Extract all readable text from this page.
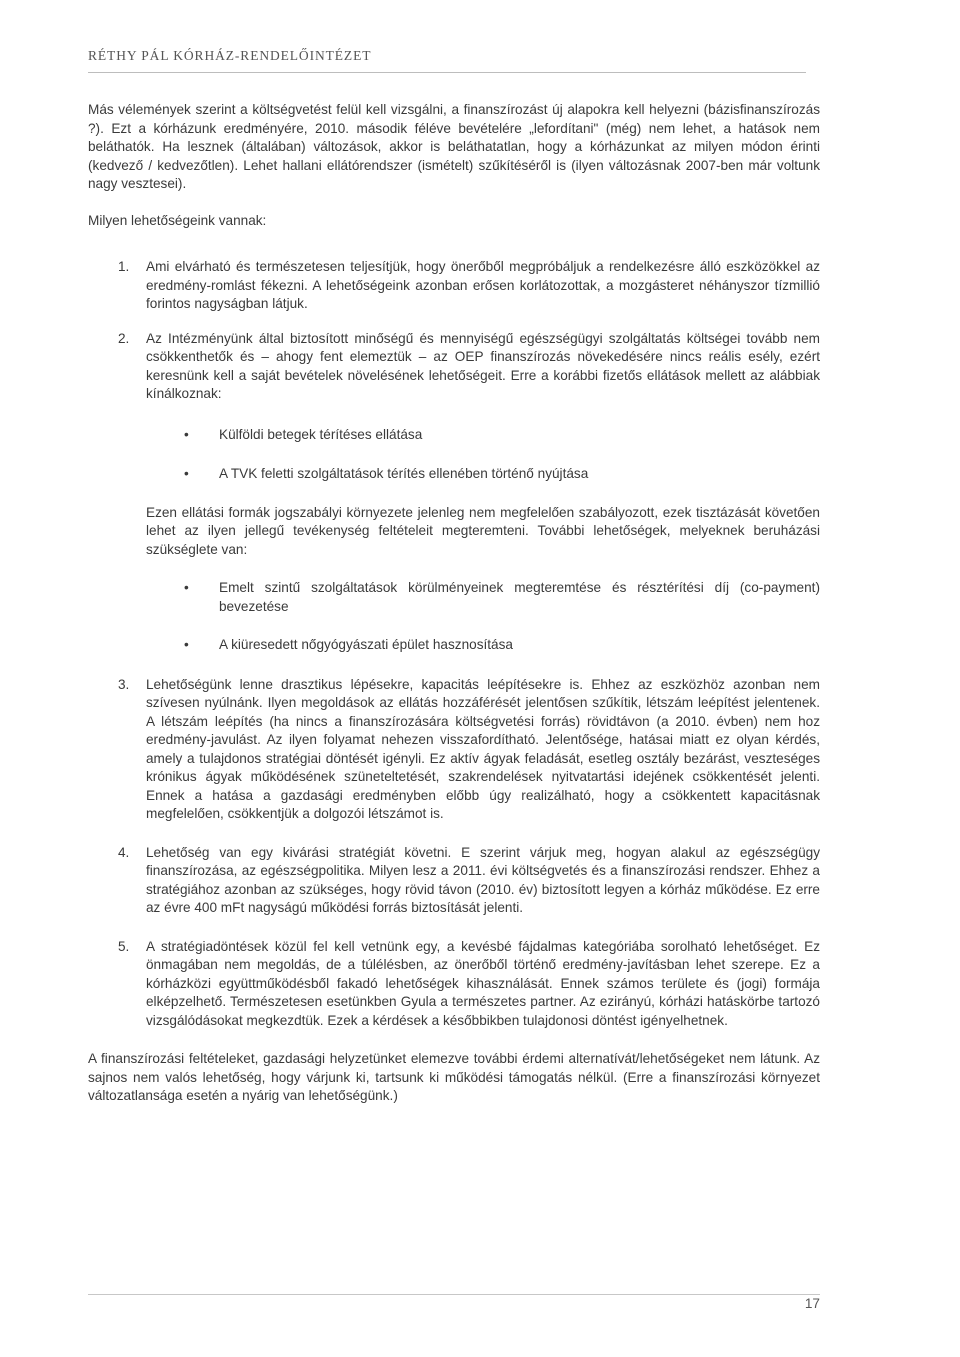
RÉTHY PÁL KÓRHÁZ-RENDELŐINTÉZET

Más vélemények szerint a költségvetést felül kell vizsgálni, a finanszírozást új alapokra kell helyezni (bázisfinanszírozás ?). Ezt a kórházunk eredményére, 2010. második féléve bevételére „lefordítani" (még) nem lehet, a hatások nem beláthatók. Ha lesznek (általában) változások, akkor is beláthatatlan, hogy a kórházunkat az milyen módon érinti (kedvező / kedvezőtlen). Lehet hallani ellátórendszer (ismételt) szűkítéséről is (ilyen változásnak 2007-ben már voltunk nagy vesztesei).

Milyen lehetőségeink vannak:

1. Ami elvárható és természetesen teljesítjük, hogy önerőből megpróbáljuk a rendelkezésre álló eszközökkel az eredmény-romlást fékezni. A lehetőségeink azonban erősen korlátozottak, a mozgásteret néhányszor tízmillió forintos nagyságban látjuk.

2. Az Intézményünk által biztosított minőségű és mennyiségű egészségügyi szolgáltatás költségei tovább nem csökkenthetők és – ahogy fent elemeztük – az OEP finanszírozás növekedésére nincs reális esély, ezért keresnünk kell a saját bevételek növelésének lehetőségeit. Erre a korábbi fizetős ellátások mellett az alábbiak kínálkoznak:

• Külföldi betegek térítéses ellátása
• A TVK feletti szolgáltatások térítés ellenében történő nyújtása

Ezen ellátási formák jogszabályi környezete jelenleg nem megfelelően szabályozott, ezek tisztázását követően lehet az ilyen jellegű tevékenység feltételeit megteremteni. További lehetőségek, melyeknek beruházási szükséglete van:

• Emelt szintű szolgáltatások körülményeinek megteremtése és résztérítési díj (co-payment) bevezetése
• A kiüresedett nőgyógyászati épület hasznosítása
3. Lehetőségünk lenne drasztikus lépésekre, kapacitás leépítésekre is. Ehhez az eszközhöz azonban nem szívesen nyúlnánk. Ilyen megoldások az ellátás hozzáférését jelentősen szűkítik, létszám leépítést jelentenek. A létszám leépítés (ha nincs a finanszírozására költségvetési forrás) rövidtávon (a 2010. évben) nem hoz eredmény-javulást. Az ilyen folyamat nehezen visszafordítható. Jelentősége, hatásai miatt ez olyan kérdés, amely a tulajdonos stratégiai döntését igényli. Ez aktív ágyak feladását, esetleg osztály bezárást, veszteséges krónikus ágyak működésének szüneteltetését, szakrendelések nyitvatartási idejének csökkentését jelenti. Ennek a hatása a gazdasági eredményben előbb úgy realizálható, hogy a csökkentett kapacitásnak megfelelően, csökkentjük a dolgozói létszámot is.

4. Lehetőség van egy kivárási stratégiát követni. E szerint várjuk meg, hogyan alakul az egészségügy finanszírozása, az egészségpolitika. Milyen lesz a 2011. évi költségvetés és a finanszírozási rendszer. Ehhez a stratégiához azonban az szükséges, hogy rövid távon (2010. év) biztosított legyen a kórház működése. Ez erre az évre 400 mFt nagyságú működési forrás biztosítását jelenti.

5. A stratégiadöntések közül fel kell vetnünk egy, a kevésbé fájdalmas kategóriába sorolható lehetőséget. Ez önmagában nem megoldás, de a túlélésben, az önerőből történő eredmény-javításban lehet szerepe. Ez a kórházközi együttműködésből fakadó lehetőségek kihasználását. Ennek számos területe és (jogi) formája elképzelhető. Természetesen esetünkben Gyula a természetes partner. Az ezirányú, kórházi hatáskörbe tartozó vizsgálódásokat megkezdtük. Ezek a kérdések a későbbikben tulajdonosi döntést igényelhetnek.

A finanszírozási feltételeket, gazdasági helyzetünket elemezve további érdemi alternatívát/lehetőségeket nem látunk. Az sajnos nem valós lehetőség, hogy várjunk ki, tartsunk ki működési támogatás nélkül. (Erre a finanszírozási környezet változatlansága esetén a nyárig van lehetőségünk.)

17
